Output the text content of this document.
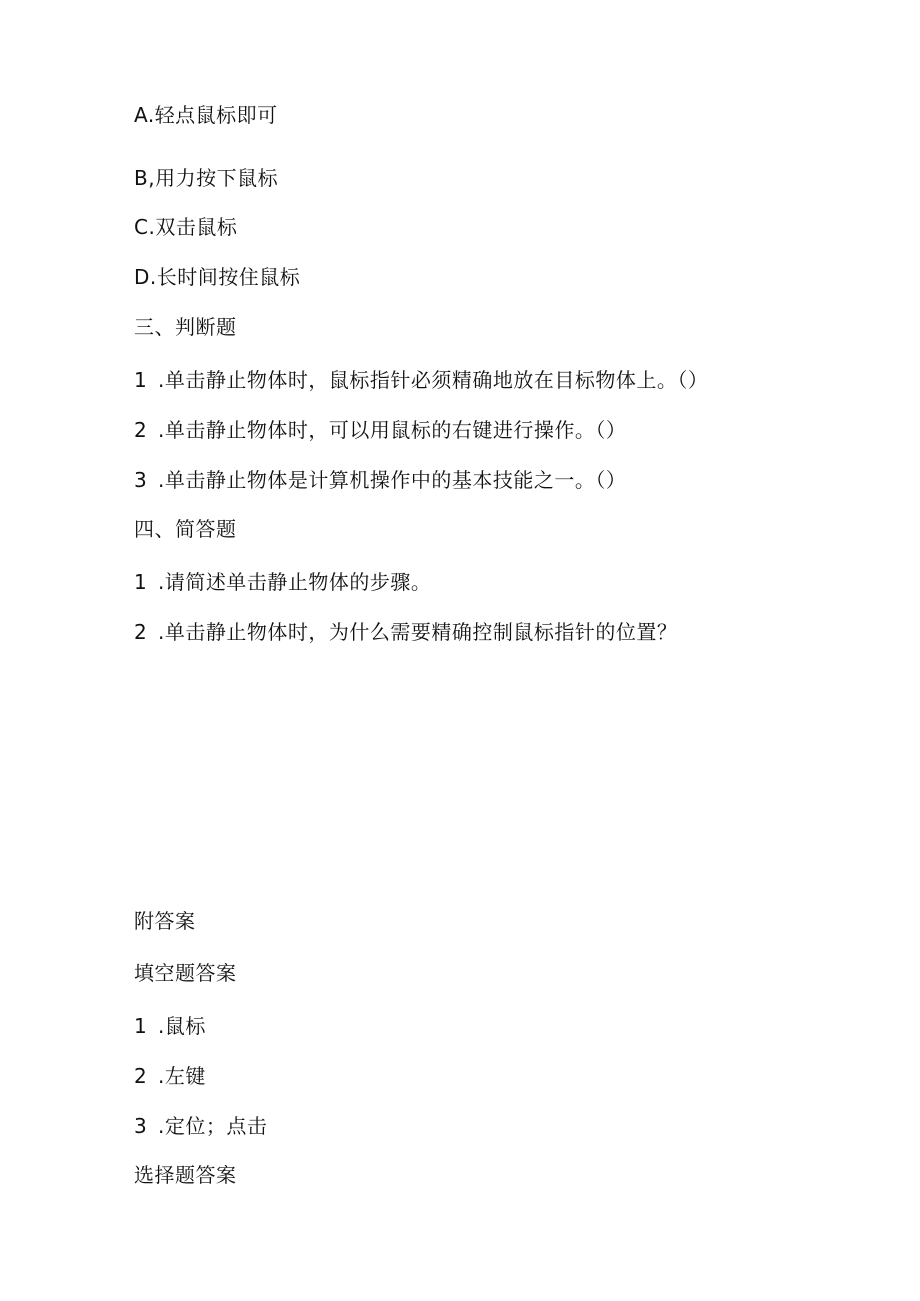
A.轻点鼠标即可
B,用力按下鼠标
C.双击鼠标
D.长时间按住鼠标
三、判断题
1 .单击静止物体时，鼠标指针必须精确地放在目标物体上。（）
2 .单击静止物体时，可以用鼠标的右键进行操作。（）
3 .单击静止物体是计算机操作中的基本技能之一。（）
四、简答题
1 .请简述单击静止物体的步骤。
2 .单击静止物体时，为什么需要精确控制鼠标指针的位置？
附答案
填空题答案
1 .鼠标
2 .左键
3 .定位；点击
选择题答案
